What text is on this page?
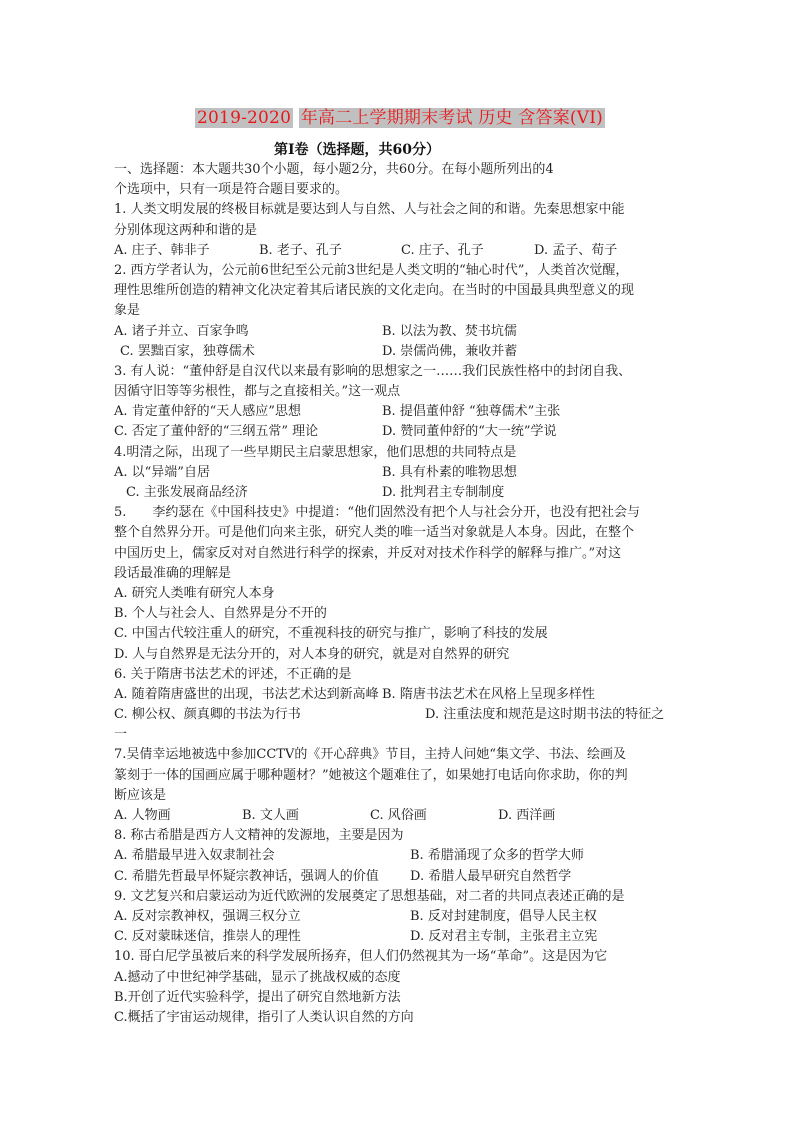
2019-2020 年高二上学期期末考试 历史 含答案(VI)
第Ⅰ卷（选择题，共60分）
一、选择题：本大题共30个小题，每小题2分，共60分。在每小题所列出的4
个选项中，只有一项是符合题目要求的。
1. 人类文明发展的终极目标就是要达到人与自然、人与社会之间的和谐。先秦思想家中能
分别体现这两种和谐的是
A. 庄子、韩非子	B. 老子、孔子	C. 庄子、孔子	D. 孟子、荀子
2. 西方学者认为，公元前6世纪至公元前3世纪是人类文明的“轴心时代”，人类首次觉醒，
理性思维所创造的精神文化决定着其后诸民族的文化走向。在当时的中国最具典型意义的现
象是
A. 诸子并立、百家争鸣	B. 以法为教、焚书坑儒
C. 罢黜百家，独尊儒术	D. 崇儒尚佛，兼收并蓄
3. 有人说：“董仲舒是自汉代以来最有影响的思想家之一……我们民族性格中的封闭自我、
因循守旧等等劣根性，都与之直接相关。”这一观点
A. 肯定董仲舒的“天人感应”思想	B. 提倡董仲舒 “独尊儒术”主张
C. 否定了董仲舒的“三纲五常” 理论	D. 赞同董仲舒的“大一统”学说
4.明清之际，出现了一些早期民主启蒙思想家，他们思想的共同特点是
A. 以“异端”自居	B. 具有朴素的唯物思想
C. 主张发展商品经济	D. 批判君主专制制度
5.　　李约瑟在《中国科技史》中提道：“他们固然没有把个人与社会分开，也没有把社会与
整个自然界分开。可是他们向来主张，研究人类的唯一适当对象就是人本身。因此，在整个
中国历史上，儒家反对对自然进行科学的探索，并反对对技术作科学的解释与推广。”对这
段话最准确的理解是
A. 研究人类唯有研究人本身
B. 个人与社会人、自然界是分不开的
C. 中国古代较注重人的研究，不重视科技的研究与推广，影响了科技的发展
D. 人与自然界是无法分开的，对人本身的研究，就是对自然界的研究
6. 关于隋唐书法艺术的评述，不正确的是
A. 随着隋唐盛世的出现，书法艺术达到新高峰 B. 隋唐书法艺术在风格上呈现多样性
C. 柳公权、颜真卿的书法为行书	D. 注重法度和规范是这时期书法的特征之
一
7.吴倩幸运地被选中参加CCTV的《开心辞典》节目，主持人问她“集文学、书法、绘画及
篆刻于一体的国画应属于哪种题材？”她被这个题难住了，如果她打电话向你求助，你的判
断应该是
A. 人物画	B. 文人画	C. 风俗画	D. 西洋画
8. 称古希腊是西方人文精神的发源地，主要是因为
A. 希腊最早进入奴隶制社会	B. 希腊涌现了众多的哲学大师
C. 希腊先哲最早怀疑宗教神话，强调人的价值	D. 希腊人最早研究自然哲学
9. 文艺复兴和启蒙运动为近代欧洲的发展奠定了思想基础，对二者的共同点表述正确的是
A. 反对宗教神权，强调三权分立	B. 反对封建制度，倡导人民主权
C. 反对蒙昧迷信，推崇人的理性	D. 反对君主专制，主张君主立宪
10. 哥白尼学虽被后来的科学发展所扬弃，但人们仍然视其为一场“革命”。这是因为它
A.撼动了中世纪神学基础，显示了挑战权威的态度
B.开创了近代实验科学，提出了研究自然地新方法
C.概括了宇宙运动规律，指引了人类认识自然的方向
